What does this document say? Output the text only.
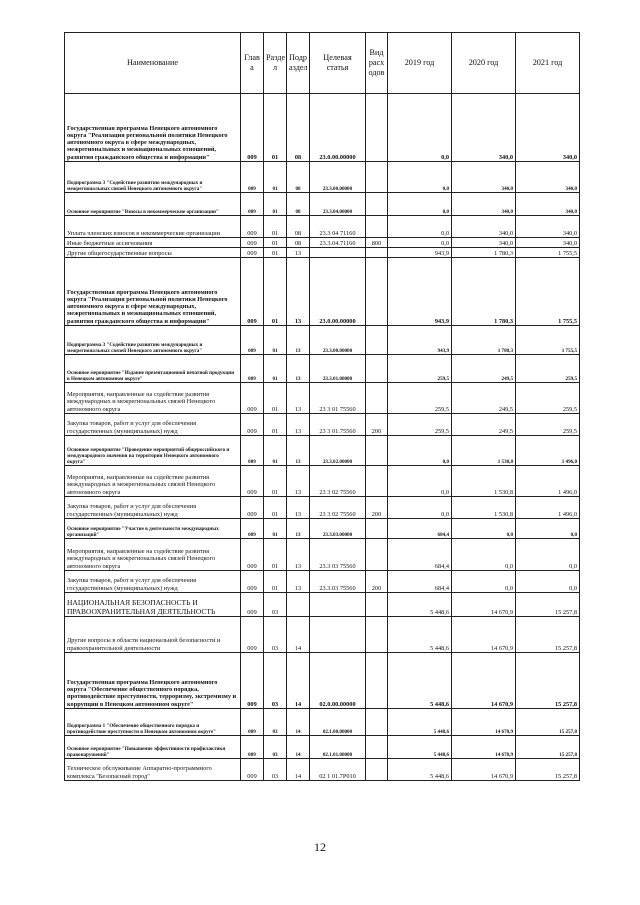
Наименование	Глав а	Разде л	Подр аздел	Целевая статья	Вид расх одов	2019 год	2020 год	2021 год
Государственная программа Ненецкого автономного округа "Реализация региональной политики Ненецкого автономного округа в сфере международных, межрегиональных и межнациональных отношений, развития гражданского общества и информации"	009	01	08	23.0.00.00000		0,0	340,0	340,0
Подпрограмма 3 "Содействие развитию международных и межрегиональных связей Ненецкого автономного округа"	009	01	08	23.3.00.00000		0,0	340,0	340,0
Основное мероприятие "Взносы в некоммерческие организации"	009	01	08	23.3.04.00000		0,0	340,0	340,0
Уплата членских взносов в некоммерческие организации	009	01	08	23.3 04 71160		0,0	340,0	340,0
Иные бюджетные ассигнования	009	01	08	23.3.04.71160	800	0,0	340,0	340,0
Другие общегосударственные вопросы	009	01	13			943,9	1 780,3	1 755,5
Государственная программа Ненецкого автономного округа "Реализация региональной политики Ненецкого автономного округа в сфере международных, межрегиональных и межнациональных отношений, развития гражданского общества и информации"	009	01	13	23.0.00.00000		943,9	1 780,3	1 755,5
Подпрограмма 3 "Содействие развитию международных и межрегиональных связей Ненецкого автономного округа"	009	01	13	23.3.00.00000		943,9	1 780,3	1 755,5
Основное мероприятие "Издание презентационной печатной продукции в Ненецком автономном округе"	009	01	13	23.3.01.00000		259,5	249,5	259,5
Мероприятия, направленные на содействие развития международных и межрегиональных связей Ненецкого автономного округа	009	01	13	23 3 01 75560		259,5	249,5	259,5
Закупка товаров, работ и услуг для обеспечения государственных (муниципальных) нужд	009	01	13	23 3 01.75560	200	259,5	249,5	259,5
Основное мероприятие "Проведение мероприятий общероссийского и международного значения на территории Ненецкого автономного округа"	009	01	13	23.3.02.00000		0,0	1 530,8	1 496,0
Мероприятия, направленные на содействие развития международных и межрегиональных связей Ненецкого автономного округа	009	01	13	23 3 02 75560		0,0	1 530,8	1 496,0
Закупка товаров, работ и услуг для обеспечения государственных (муниципальных) нужд	009	01	13	23 3 02 75560	200	0,0	1 530,8	1 496,0
Основное мероприятие "Участие в деятельности международных организаций"	009	01	13	23.3.03.00000		684,4	0,0	0,0
Мероприятия, направленные на содействие развития международных и межрегиональных связей Ненецкого автономного округа	009	01	13	23.3 03 75560		684,4	0,0	0,0
Закупка товаров, работ и услуг для обеспечения государственных (муниципальных) нужд	009	01	13	23.3.03 75560	200	684,4	0,0	0,0
НАЦИОНАЛЬНАЯ БЕЗОПАСНОСТЬ И ПРАВООХРАНИТЕЛЬНАЯ ДЕЯТЕЛЬНОСТЬ	009	03				5 448,6	14 670,9	15 257,8
Другие вопросы в области национальной безопасности и правоохранительной деятельности	009	03	14			5 448,6	14 670,9	15 257,8
Государственная программа Ненецкого автономного округа "Обеспечение общественного порядка, противодействие преступности, терроризму, экстремизму и коррупции в Ненецком автономном округе"	009	03	14	02.0.00.00000		5 448,6	14 670,9	15 257,8
Подпрограмма 1 "Обеспечение общественного порядка и противодействие преступности в Ненецком автономном округе"	009	03	14	02.1.00.00000		5 448,6	14 670,9	15 257,8
Основное мероприятие "Повышение эффективности профилактики правонарушений"	009	03	14	02.1.01.00000		5 448,6	14 670,9	15 257,8
Техническое обслуживание Аппаратно-программного комплекса "Безопасный город"	009	03	14	02 1 01.7Р010		5 448,6	14 670,9	15 257,8
12
